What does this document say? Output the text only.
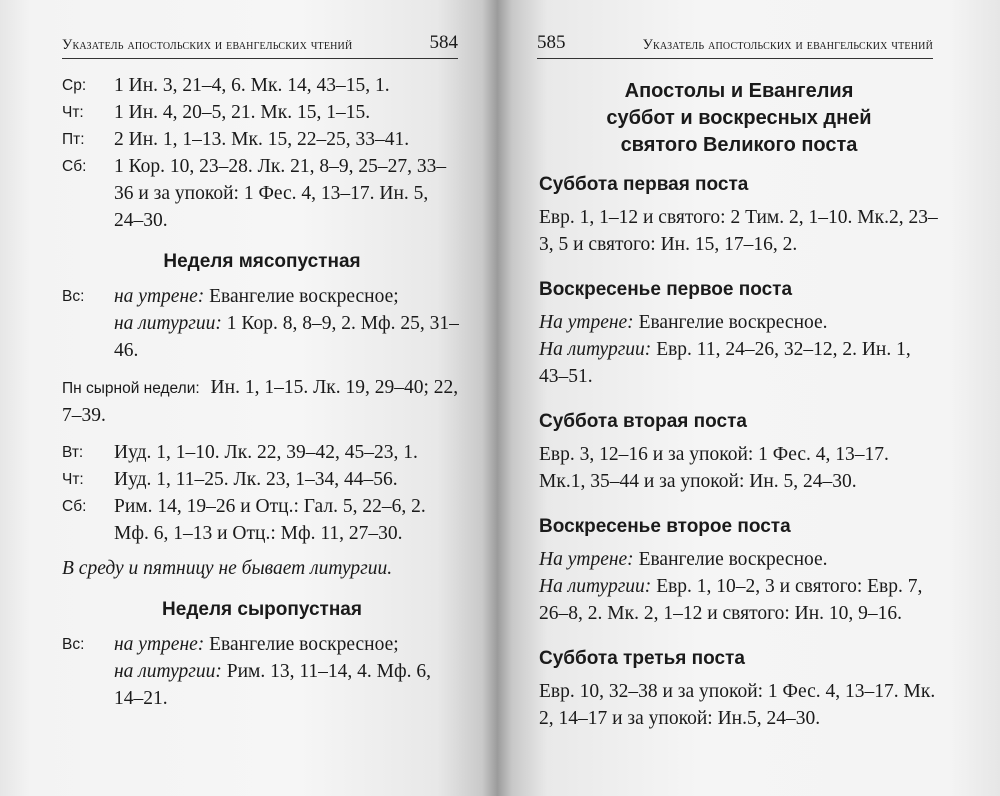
Указатель апостольских и евангельских чтений	584
Ср:	1 Ин. 3, 21–4, 6. Мк. 14, 43–15, 1.
Чт:	1 Ин. 4, 20–5, 21. Мк. 15, 1–15.
Пт:	2 Ин. 1, 1–13. Мк. 15, 22–25, 33–41.
Сб:	1 Кор. 10, 23–28. Лк. 21, 8–9, 25–27, 33–36 и за упокой: 1 Фес. 4, 13–17. Ин. 5, 24–30.
Неделя мясопустная
Вс:	на утрене: Евангелие воскресное;
на литургии: 1 Кор. 8, 8–9, 2. Мф. 25, 31–46.
Пн сырной недели: Ин. 1, 1–15. Лк. 19, 29–40; 22, 7–39.
Вт:	Иуд. 1, 1–10. Лк. 22, 39–42, 45–23, 1.
Чт:	Иуд. 1, 11–25. Лк. 23, 1–34, 44–56.
Сб:	Рим. 14, 19–26 и Отц.: Гал. 5, 22–6, 2. Мф. 6, 1–13 и Отц.: Мф. 11, 27–30.
В среду и пятницу не бывает литургии.
Неделя сыропустная
Вс:	на утрене: Евангелие воскресное;
на литургии: Рим. 13, 11–14, 4. Мф. 6, 14–21.
585	Указатель апостольских и евангельских чтений
Апостолы и Евангелия
суббот и воскресных дней
святого Великого поста
Суббота первая поста
Евр. 1, 1–12 и святого: 2 Тим. 2, 1–10. Мк.2, 23–3, 5 и святого: Ин. 15, 17–16, 2.
Воскресенье первое поста
На утрене: Евангелие воскресное.
На литургии: Евр. 11, 24–26, 32–12, 2. Ин. 1, 43–51.
Суббота вторая поста
Евр. 3, 12–16 и за упокой: 1 Фес. 4, 13–17. Мк.1, 35–44 и за упокой: Ин. 5, 24–30.
Воскресенье второе поста
На утрене: Евангелие воскресное.
На литургии: Евр. 1, 10–2, 3 и святого: Евр. 7, 26–8, 2. Мк. 2, 1–12 и святого: Ин. 10, 9–16.
Суббота третья поста
Евр. 10, 32–38 и за упокой: 1 Фес. 4, 13–17. Мк. 2, 14–17 и за упокой: Ин.5, 24–30.
